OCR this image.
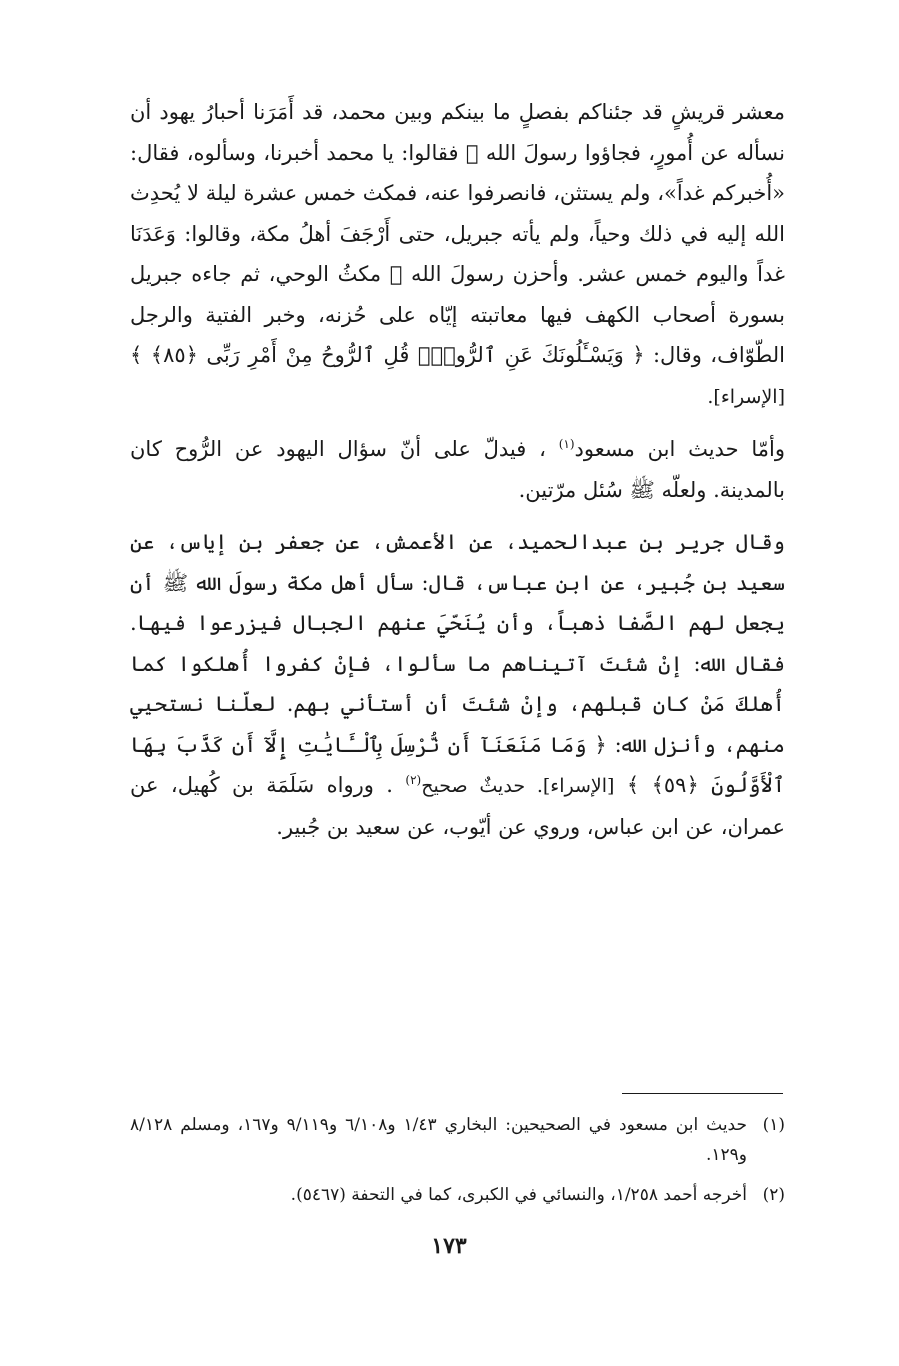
معشر قريشٍ قد جئناكم بفصلٍ ما بينكم وبين محمد، قد أَمَرَنا أحبارُ يهود أن نسأله عن أُمورٍ، فجاؤوا رسولَ الله ﷺ فقالوا: يا محمد أخبرنا، وسألوه، فقال: «أُخبركم غداً»، ولم يستثن، فانصرفوا عنه، فمكث خمس عشرة ليلة لا يُحدِث الله إليه في ذلك وحياً، ولم يأته جبريل، حتى أَرْجَفَ أهلُ مكة، وقالوا: وَعَدَنَا غداً واليوم خمس عشر. وأحزن رسولَ الله ﷺ مكثُ الوحي، ثم جاءه جبريل بسورة أصحاب الكهف فيها معاتبته إيّاه على حُزنه، وخبر الفتية والرجل الطّوّاف، وقال: ﴿ وَيَسْـَٔلُونَكَ عَنِ ٱلرُّوحِۖ قُلِ ٱلرُّوحُ مِنْ أَمْرِ رَبِّى ﴿٨٥﴾ ﴾ [الإسراء].

وأمّا حديث ابن مسعود$^{(١)}$ ، فيدلّ على أنّ سؤال اليهود عن الرُّوح كان بالمدينة. ولعلّه ﷺ سُئل مرّتين.

وقال جرير بن عبدالحميد، عن الأعمش، عن جعفر بن إياس، عن سعيد بن جُبير، عن ابن عباس، قال: سأل أهل مكة رسولَ الله ﷺ أن يجعل لهم الصَّفا ذهباً، وأن يُنَحّيَ عنهم الجبال فيزرعوا فيها. فقال الله: إنْ شئتَ آتيناهم ما سألوا، فإنْ كفروا أُهلكوا كما أُهلكَ مَنْ كان قبلهم، وإنْ شئتَ أن أستأني بهم. لعلّنا نستحيي منهم، وأنزل الله: ﴿ وَمَا مَنَعَنَآ أَن نُّرْسِلَ بِٱلْـَٔايَٰتِ إِلَّآ أَن كَذَّبَ بِهَا ٱلْأَوَّلُونَ ﴿٥٩﴾ ﴾ [الإسراء]. حديثٌ صحيح$^{(٢)}$ . ورواه سَلَمَة بن كُهيل، عن عمران، عن ابن عباس، وروي عن أيّوب، عن سعيد بن جُبير.

(١)
حديث ابن مسعود في الصحيحين: البخاري ١/٤٣ و٦/١٠٨ و٩/١١٩ و١٦٧، ومسلم ٨/١٢٨ و١٢٩.
(٢)
أخرجه أحمد ١/٢٥٨، والنسائي في الكبرى، كما في التحفة (٥٤٦٧).
١٧٣
